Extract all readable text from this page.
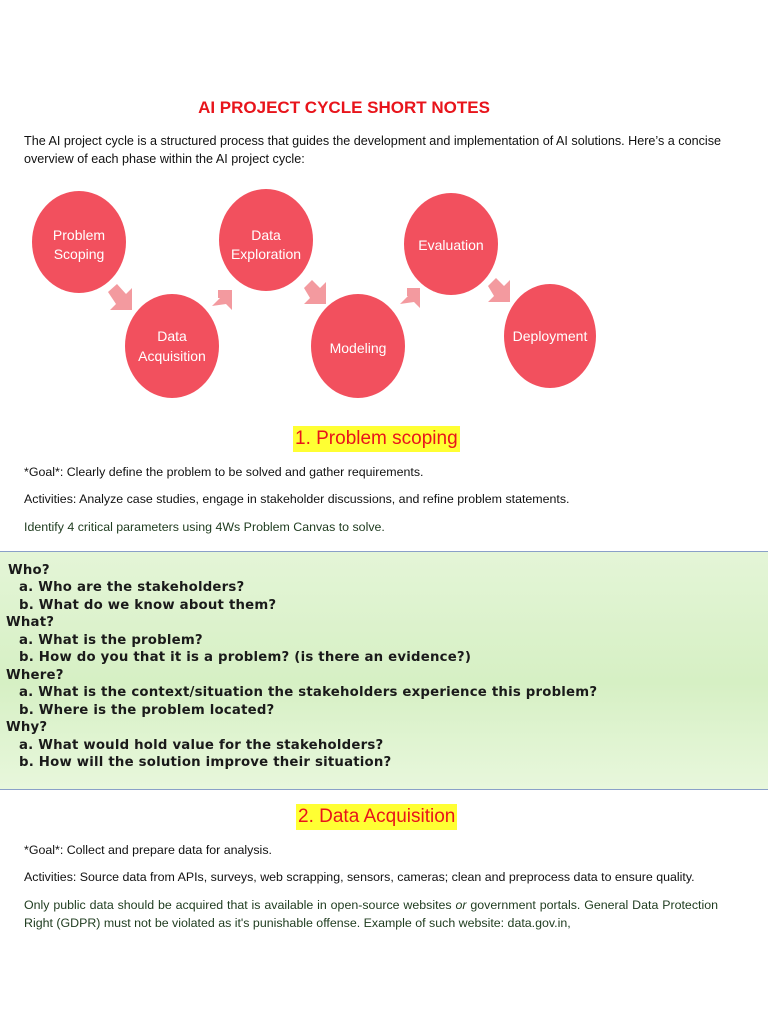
AI PROJECT CYCLE SHORT NOTES
The AI project cycle is a structured process that guides the development and implementation of AI solutions. Here’s a concise overview of each phase within the AI project cycle:
Problem
Scoping
Data
Acquisition
Data
Exploration
Modeling
Evaluation
Deployment
1. Problem scoping
*Goal*: Clearly define the problem to be solved and gather requirements.
Activities: Analyze case studies, engage in stakeholder discussions, and refine problem statements.
Identify 4 critical parameters using 4Ws Problem Canvas to solve.
Who?
a. Who are the stakeholders?
b. What do we know about them?
What?
a. What is the problem?
b. How do you that it is a problem? (is there an evidence?)
Where?
a. What is the context/situation the stakeholders experience this problem?
b. Where is the problem located?
Why?
a. What would hold value for the stakeholders?
b. How will the solution improve their situation?
2. Data Acquisition
*Goal*: Collect and prepare data for analysis.
Activities: Source data from APIs, surveys, web scrapping, sensors, cameras; clean and preprocess data to ensure quality.
Only public data should be acquired that is available in open-source websites or government portals. General Data Protection Right (GDPR) must not be violated as it's punishable offense. Example of such website: data.gov.in,
